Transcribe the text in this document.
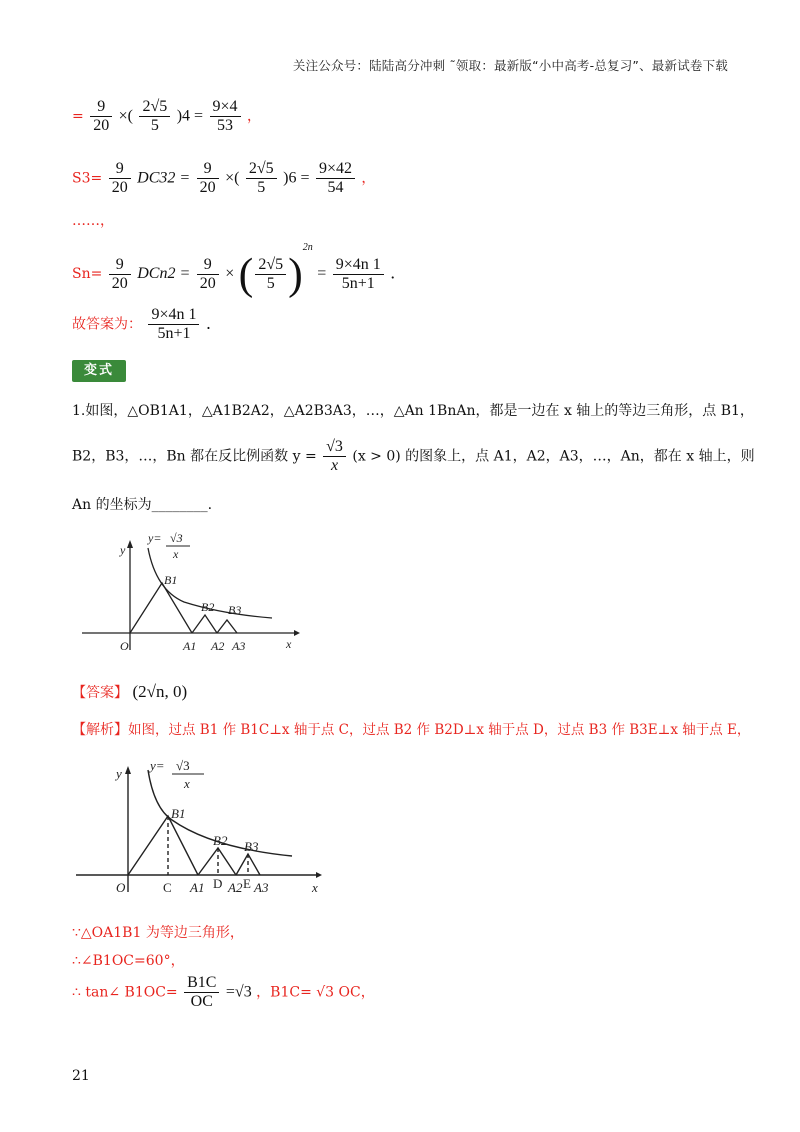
关注公众号：陆陆高分冲刺 ˜领取：最新版“小中高考-总复习”、最新试卷下载
= $\frac{9}{20}$ ×( $\frac{2√5}{5} )4 = \frac{9\times 4}{53}$ ，
$S3= \frac{9}{20} DC32 = \frac{9}{20}$ ×( $\frac{2√5}{5} )6 = \frac{9\times 42}{54}$ ，
……，
$Sn= \frac{9}{20} DCn2 = \frac{9}{20}$ × ( $\frac{2√5}{5} )^{2n} = \frac{9\times 4n 1}{5n+1}$ ．
故答案为： $\frac{9\times 4n 1}{5n+1}$ ．
变式
1.如图，△OB1A1，△A1B2A2，△A2B3A3，…，△An 1BnAn，都是一边在 x 轴上的等边三角形，点 B1，
B2，B3，…，Bn 都在反比例函数 $y = \frac{√3}{x} (x > 0)$ 的图象上，点 A1，A2，A3，…，An，都在 x 轴上，则
An 的坐标为________.
y
x
O
B1
B2 B3
A1 A2 A3
y= √3
x
【答案】 (2√n, 0)
【解析】如图，过点 B1 作 B1C⊥x 轴于点 C，过点 B2 作 B2D⊥x 轴于点 D，过点 B3 作 B3E⊥x 轴于点 E，
y
x
O	C	D E
B1
B2 B3
A1 A2 A3
y= √3
x
∵△OA1B1 为等边三角形，
∴∠B1OC=60°，
∴ tan∠ $B1OC= \frac{B1C}{OC} =√3$ ，B1C= √3 OC，
21
